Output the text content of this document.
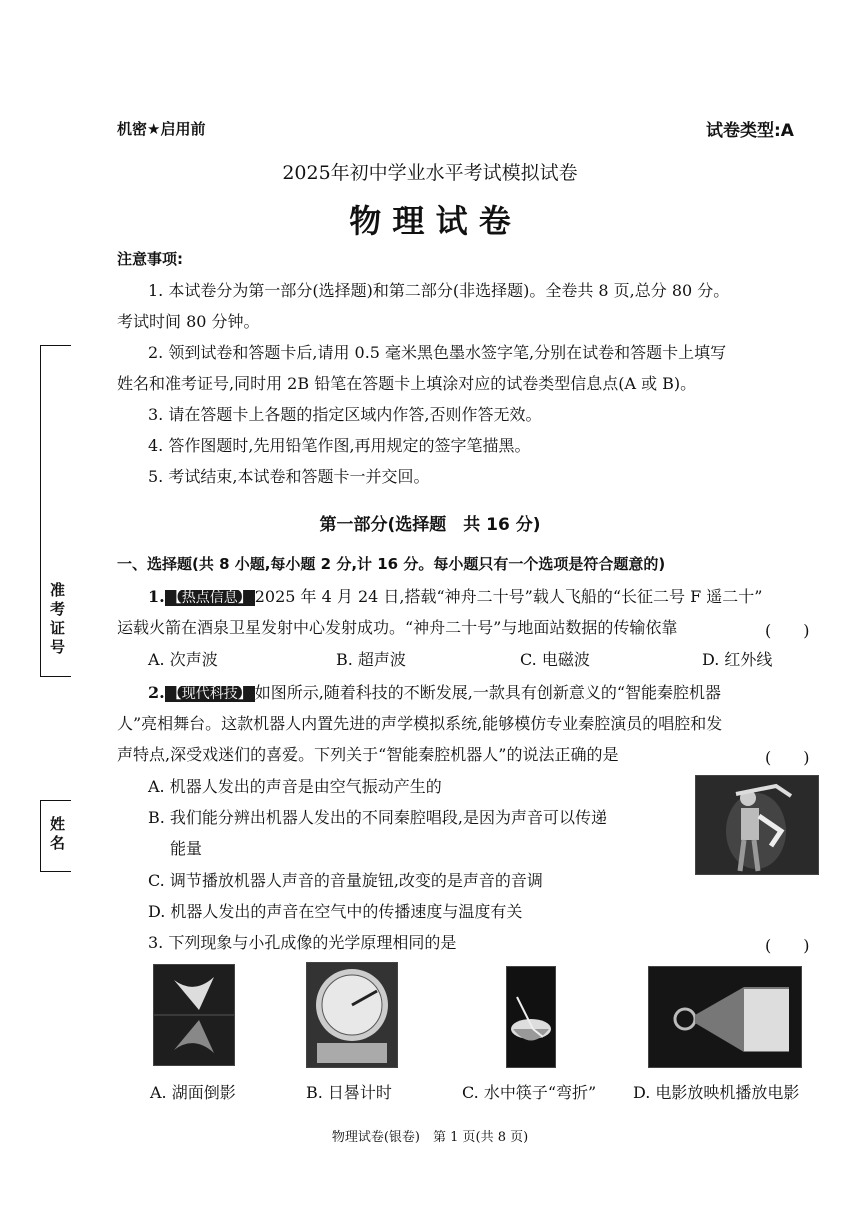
机密★启用前	试卷类型:A
2025年初中学业水平考试模拟试卷
物 理 试 卷
注意事项:
1. 本试卷分为第一部分(选择题)和第二部分(非选择题)。全卷共 8 页,总分 80 分。
考试时间 80 分钟。
2. 领到试卷和答题卡后,请用 0.5 毫米黑色墨水签字笔,分别在试卷和答题卡上填写
姓名和准考证号,同时用 2B 铅笔在答题卡上填涂对应的试卷类型信息点(A 或 B)。
3. 请在答题卡上各题的指定区域内作答,否则作答无效。
4. 答作图题时,先用铅笔作图,再用规定的签字笔描黑。
5. 考试结束,本试卷和答题卡一并交回。
准考证号
姓名
第一部分(选择题　共 16 分)
一、选择题(共 8 小题,每小题 2 分,计 16 分。每小题只有一个选项是符合题意的)
1. 【热点信息】 2025 年 4 月 24 日,搭载“神舟二十号”载人飞船的“长征二号 F 遥二十”
运载火箭在酒泉卫星发射中心发射成功。“神舟二十号”与地面站数据的传输依靠	(　　)
A. 次声波	B. 超声波	C. 电磁波	D. 红外线
2. 【现代科技】 如图所示,随着科技的不断发展,一款具有创新意义的“智能秦腔机器
人”亮相舞台。这款机器人内置先进的声学模拟系统,能够模仿专业秦腔演员的唱腔和发
声特点,深受戏迷们的喜爱。下列关于“智能秦腔机器人”的说法正确的是	(　　)
A. 机器人发出的声音是由空气振动产生的
B. 我们能分辨出机器人发出的不同秦腔唱段,是因为声音可以传递
能量
C. 调节播放机器人声音的音量旋钮,改变的是声音的音调
D. 机器人发出的声音在空气中的传播速度与温度有关
3. 下列现象与小孔成像的光学原理相同的是	(　　)
A. 湖面倒影	B. 日晷计时	C. 水中筷子“弯折” D. 电影放映机播放电影
物理试卷(银卷)　第 1 页(共 8 页)
